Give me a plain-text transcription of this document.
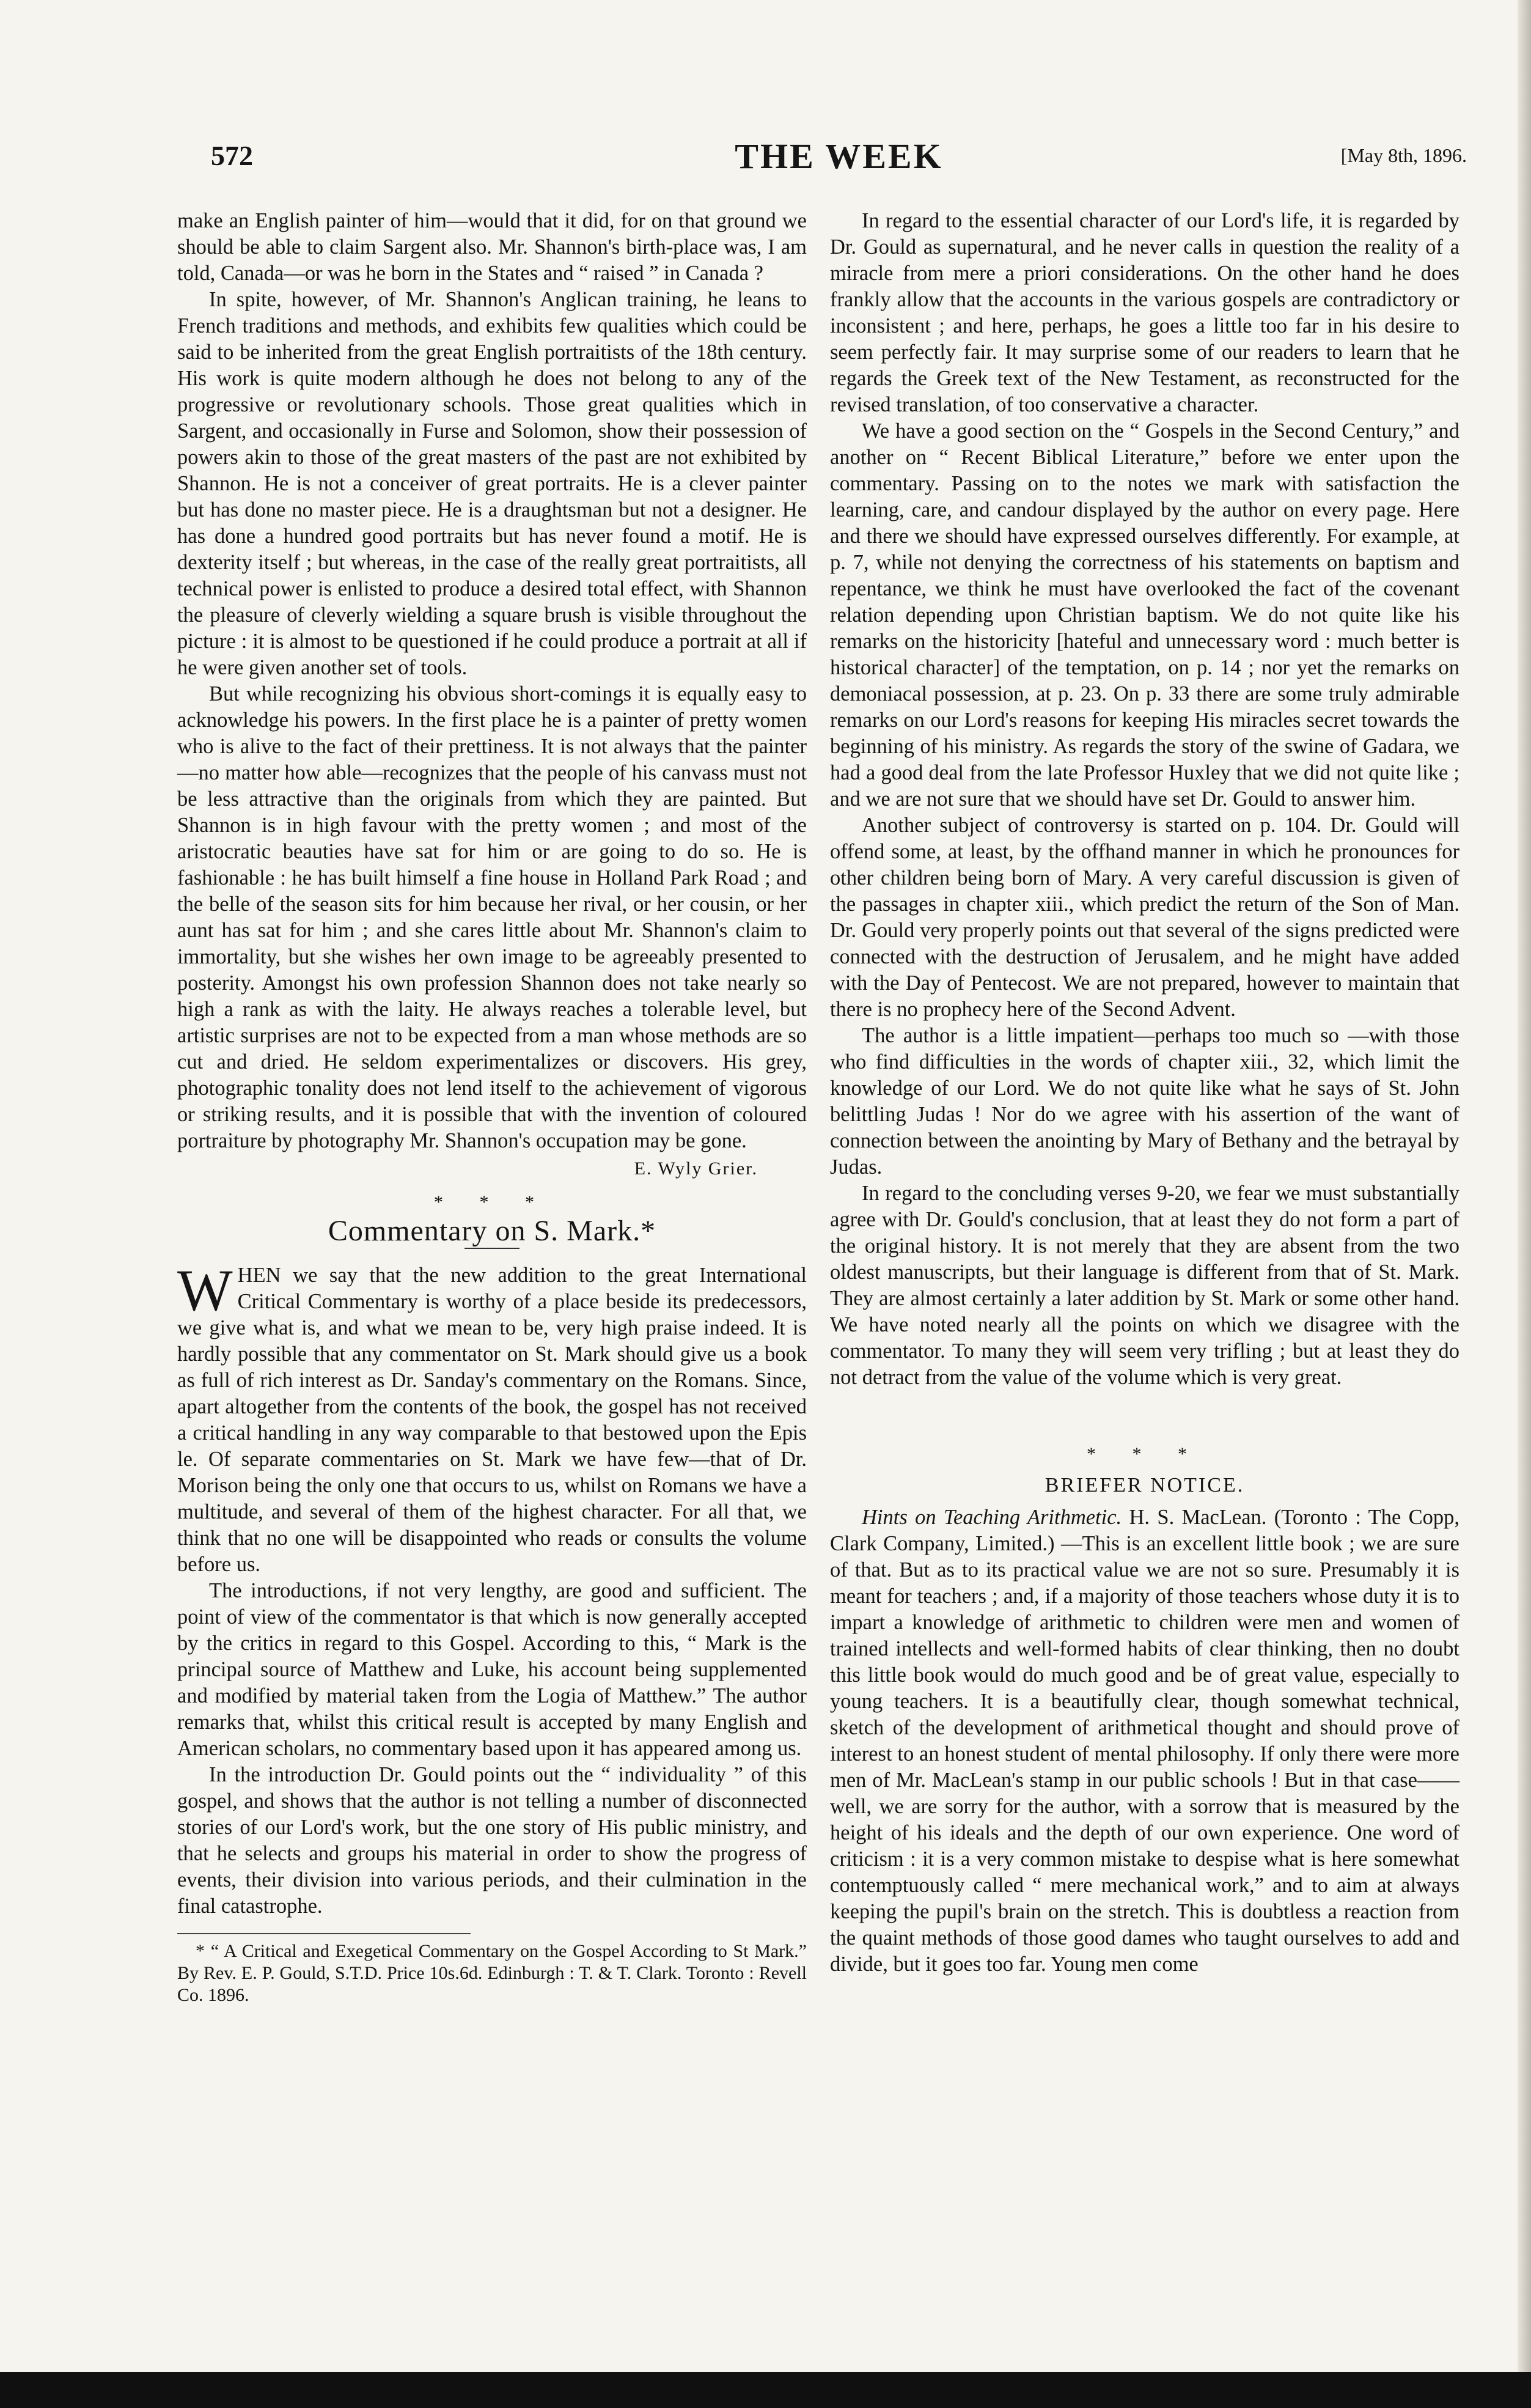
572	THE WEEK	[May 8th, 1896.

make an English painter of him—would that it did, for on that ground we should be able to claim Sargent also. Mr. Shannon's birth-place was, I am told, Canada—or was he born in the States and “ raised ” in Canada ?

In spite, however, of Mr. Shannon's Anglican training, he leans to French traditions and methods, and exhibits few qualities which could be said to be inherited from the great English portraitists of the 18th century. His work is quite modern although he does not belong to any of the progressive or revolutionary schools. Those great qualities which in Sargent, and occasionally in Furse and Solomon, show their possession of powers akin to those of the great masters of the past are not exhibited by Shannon. He is not a conceiver of great portraits. He is a clever painter but has done no master piece. He is a draughtsman but not a designer. He has done a hundred good portraits but has never found a motif. He is dexterity itself ; but whereas, in the case of the really great portraitists, all technical power is enlisted to produce a desired total effect, with Shannon the pleasure of cleverly wielding a square brush is visible throughout the picture : it is almost to be questioned if he could produce a portrait at all if he were given another set of tools.

But while recognizing his obvious short-comings it is equally easy to acknowledge his powers. In the first place he is a painter of pretty women who is alive to the fact of their prettiness. It is not always that the painter—no matter how able—recognizes that the people of his canvass must not be less attractive than the originals from which they are painted. But Shannon is in high favour with the pretty women ; and most of the aristocratic beauties have sat for him or are going to do so. He is fashionable : he has built himself a fine house in Holland Park Road ; and the belle of the season sits for him because her rival, or her cousin, or her aunt has sat for him ; and she cares little about Mr. Shannon's claim to immortality, but she wishes her own image to be agreeably presented to posterity. Amongst his own profession Shannon does not take nearly so high a rank as with the laity. He always reaches a tolerable level, but artistic surprises are not to be expected from a man whose methods are so cut and dried. He seldom experimentalizes or discovers. His grey, photographic tonality does not lend itself to the achievement of vigorous or striking results, and it is possible that with the invention of coloured portraiture by photography Mr. Shannon's occupation may be gone.

E. Wyly Grier.
* * *
Commentary on S. Mark.*

WHEN we say that the new addition to the great International Critical Commentary is worthy of a place beside its predecessors, we give what is, and what we mean to be, very high praise indeed. It is hardly possible that any commentator on St. Mark should give us a book as full of rich interest as Dr. Sanday's commentary on the Romans. Since, apart altogether from the contents of the book, the gospel has not received a critical handling in any way comparable to that bestowed upon the Epis le. Of separate commentaries on St. Mark we have few—that of Dr. Morison being the only one that occurs to us, whilst on Romans we have a multitude, and several of them of the highest character. For all that, we think that no one will be disappointed who reads or consults the volume before us.

The introductions, if not very lengthy, are good and sufficient. The point of view of the commentator is that which is now generally accepted by the critics in regard to this Gospel. According to this, “ Mark is the principal source of Matthew and Luke, his account being supplemented and modified by material taken from the Logia of Matthew.” The author remarks that, whilst this critical result is accepted by many English and American scholars, no commentary based upon it has appeared among us.

In the introduction Dr. Gould points out the “ individuality ” of this gospel, and shows that the author is not telling a number of disconnected stories of our Lord's work, but the one story of His public ministry, and that he selects and groups his material in order to show the progress of events, their division into various periods, and their culmination in the final catastrophe.

* “ A Critical and Exegetical Commentary on the Gospel According to St Mark.” By Rev. E. P. Gould, S.T.D. Price 10s.6d. Edinburgh : T. & T. Clark. Toronto : Revell Co. 1896.

In regard to the essential character of our Lord's life, it is regarded by Dr. Gould as supernatural, and he never calls in question the reality of a miracle from mere a priori considerations. On the other hand he does frankly allow that the accounts in the various gospels are contradictory or inconsistent ; and here, perhaps, he goes a little too far in his desire to seem perfectly fair. It may surprise some of our readers to learn that he regards the Greek text of the New Testament, as reconstructed for the revised translation, of too conservative a character.

We have a good section on the “ Gospels in the Second Century,” and another on “ Recent Biblical Literature,” before we enter upon the commentary. Passing on to the notes we mark with satisfaction the learning, care, and candour displayed by the author on every page. Here and there we should have expressed ourselves differently. For example, at p. 7, while not denying the correctness of his statements on baptism and repentance, we think he must have overlooked the fact of the covenant relation depending upon Christian baptism. We do not quite like his remarks on the historicity [hateful and unnecessary word : much better is historical character] of the temptation, on p. 14 ; nor yet the remarks on demoniacal possession, at p. 23. On p. 33 there are some truly admirable remarks on our Lord's reasons for keeping His miracles secret towards the beginning of his ministry. As regards the story of the swine of Gadara, we had a good deal from the late Professor Huxley that we did not quite like ; and we are not sure that we should have set Dr. Gould to answer him.

Another subject of controversy is started on p. 104. Dr. Gould will offend some, at least, by the offhand manner in which he pronounces for other children being born of Mary. A very careful discussion is given of the passages in chapter xiii., which predict the return of the Son of Man. Dr. Gould very properly points out that several of the signs predicted were connected with the destruction of Jerusalem, and he might have added with the Day of Pentecost. We are not prepared, however to maintain that there is no prophecy here of the Second Advent.

The author is a little impatient—perhaps too much so —with those who find difficulties in the words of chapter xiii., 32, which limit the knowledge of our Lord. We do not quite like what he says of St. John belittling Judas ! Nor do we agree with his assertion of the want of connection between the anointing by Mary of Bethany and the betrayal by Judas.

In regard to the concluding verses 9-20, we fear we must substantially agree with Dr. Gould's conclusion, that at least they do not form a part of the original history. It is not merely that they are absent from the two oldest manuscripts, but their language is different from that of St. Mark. They are almost certainly a later addition by St. Mark or some other hand. We have noted nearly all the points on which we disagree with the commentator. To many they will seem very trifling ; but at least they do not detract from the value of the volume which is very great.

* * *
BRIEFER NOTICE.

Hints on Teaching Arithmetic. H. S. MacLean. (Toronto : The Copp, Clark Company, Limited.) —This is an excellent little book ; we are sure of that. But as to its practical value we are not so sure. Presumably it is meant for teachers ; and, if a majority of those teachers whose duty it is to impart a knowledge of arithmetic to children were men and women of trained intellects and well-formed habits of clear thinking, then no doubt this little book would do much good and be of great value, especially to young teachers. It is a beautifully clear, though somewhat technical, sketch of the development of arithmetical thought and should prove of interest to an honest student of mental philosophy. If only there were more men of Mr. MacLean's stamp in our public schools ! But in that case——well, we are sorry for the author, with a sorrow that is measured by the height of his ideals and the depth of our own experience. One word of criticism : it is a very common mistake to despise what is here somewhat contemptuously called “ mere mechanical work,” and to aim at always keeping the pupil's brain on the stretch. This is doubtless a reaction from the quaint methods of those good dames who taught ourselves to add and divide, but it goes too far. Young men come
